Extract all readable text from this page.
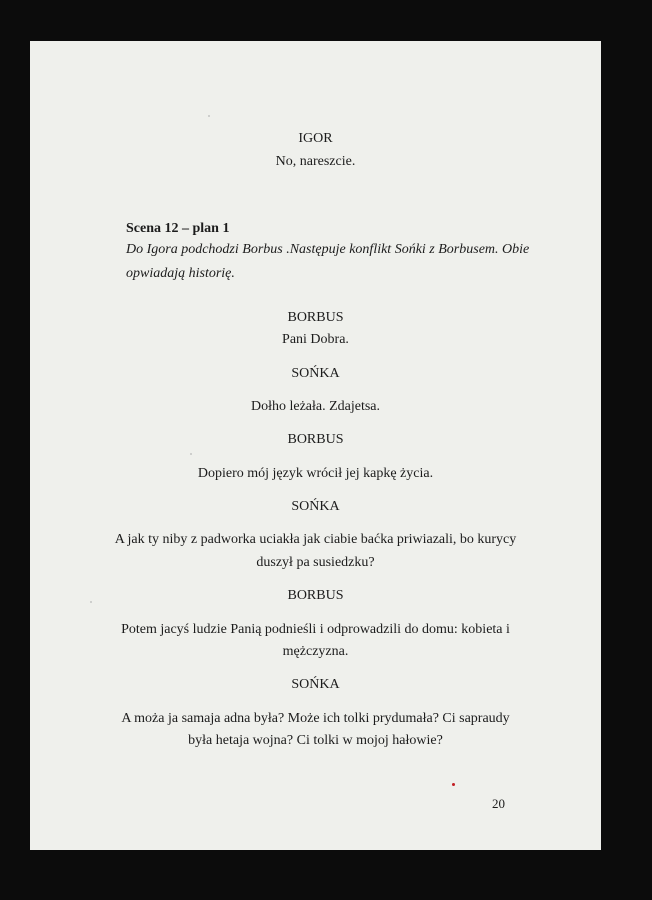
IGOR
No, nareszcie.
Scena 12 – plan 1
Do Igora podchodzi Borbus .Następuje konflikt Sońki z Borbusem. Obie
opwiadają historię.
BORBUS
Pani Dobra.
SOŃKA
Dołho leżała. Zdajetsa.
BORBUS
Dopiero mój język wrócił jej kapkę życia.
SOŃKA
A jak ty niby z padworka uciakła jak ciabie baćka priwiazali, bo kurycy
duszył pa susiedzku?
BORBUS
Potem jacyś ludzie Panią podnieśli i odprowadzili do domu: kobieta i
mężczyzna.
SOŃKA
A moża ja samaja adna była? Może ich tolki prydumała? Ci sapraudy
była hetaja wojna? Ci tolki w mojoj hałowie?
20
